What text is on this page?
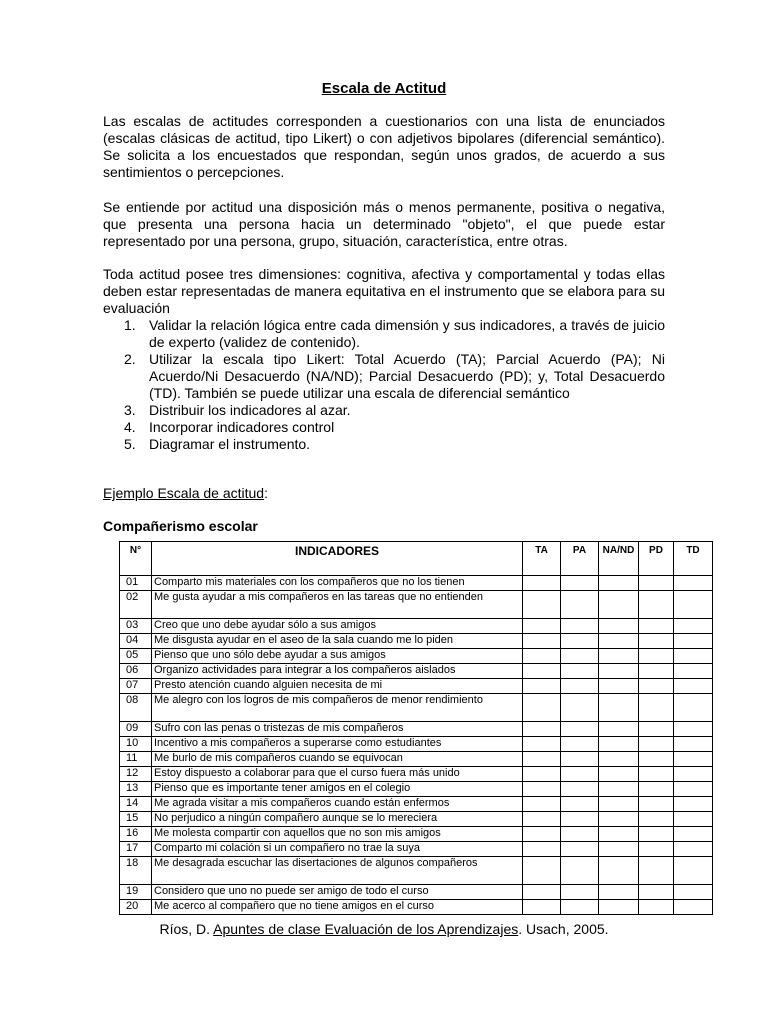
Escala de Actitud
Las escalas de actitudes corresponden a cuestionarios con una lista de enunciados (escalas clásicas de actitud, tipo Likert) o con adjetivos bipolares (diferencial semántico). Se solicita a los encuestados que respondan, según unos grados, de acuerdo a sus sentimientos o percepciones.
Se entiende por actitud una disposición más o menos permanente, positiva o negativa, que presenta una persona hacia un determinado "objeto", el que puede estar representado por una persona, grupo, situación, característica, entre otras.
Toda actitud posee tres dimensiones: cognitiva, afectiva y comportamental y todas ellas deben estar representadas de manera equitativa en el instrumento que se elabora para su evaluación
1. Validar la relación lógica entre cada dimensión y sus indicadores, a través de juicio de experto (validez de contenido).
2. Utilizar la escala tipo Likert: Total Acuerdo (TA); Parcial Acuerdo (PA); Ni Acuerdo/Ni Desacuerdo (NA/ND); Parcial Desacuerdo (PD); y, Total Desacuerdo (TD). También se puede utilizar una escala de diferencial semántico
3. Distribuir los indicadores al azar.
4. Incorporar indicadores control
5. Diagramar el instrumento.
Ejemplo Escala de actitud:
Compañerismo escolar
N°	INDICADORES	TA	PA	NA/ND	PD	TD
01	Comparto mis materiales con los compañeros que no los tienen					
02	Me gusta ayudar a mis compañeros en las tareas que no entienden					
03	Creo que uno debe ayudar sólo a sus amigos					
04	Me disgusta ayudar en el aseo de la sala cuando me lo piden					
05	Pienso que uno sólo debe ayudar a sus amigos					
06	Organizo actividades para integrar a los compañeros aislados					
07	Presto atención cuando alguien necesita de mi					
08	Me alegro con los logros de mis compañeros de menor rendimiento					
09	Sufro con las penas o tristezas de mis compañeros					
10	Incentivo a mis compañeros a superarse como estudiantes					
11	Me burlo de mis compañeros cuando se equivocan					
12	Estoy dispuesto a colaborar para que el curso fuera más unido					
13	Pienso que es importante tener amigos en el colegio					
14	Me agrada visitar a mis compañeros cuando están enfermos					
15	No perjudico a ningún compañero aunque se lo mereciera					
16	Me molesta compartir con aquellos que no son mis amigos					
17	Comparto mi colación si un compañero no trae la suya					
18	Me desagrada escuchar las disertaciones de algunos compañeros					
19	Considero que uno no puede ser amigo de todo el curso					
20	Me acerco al compañero que no tiene amigos en el curso					
Ríos, D. Apuntes de clase Evaluación de los Aprendizajes. Usach, 2005.
